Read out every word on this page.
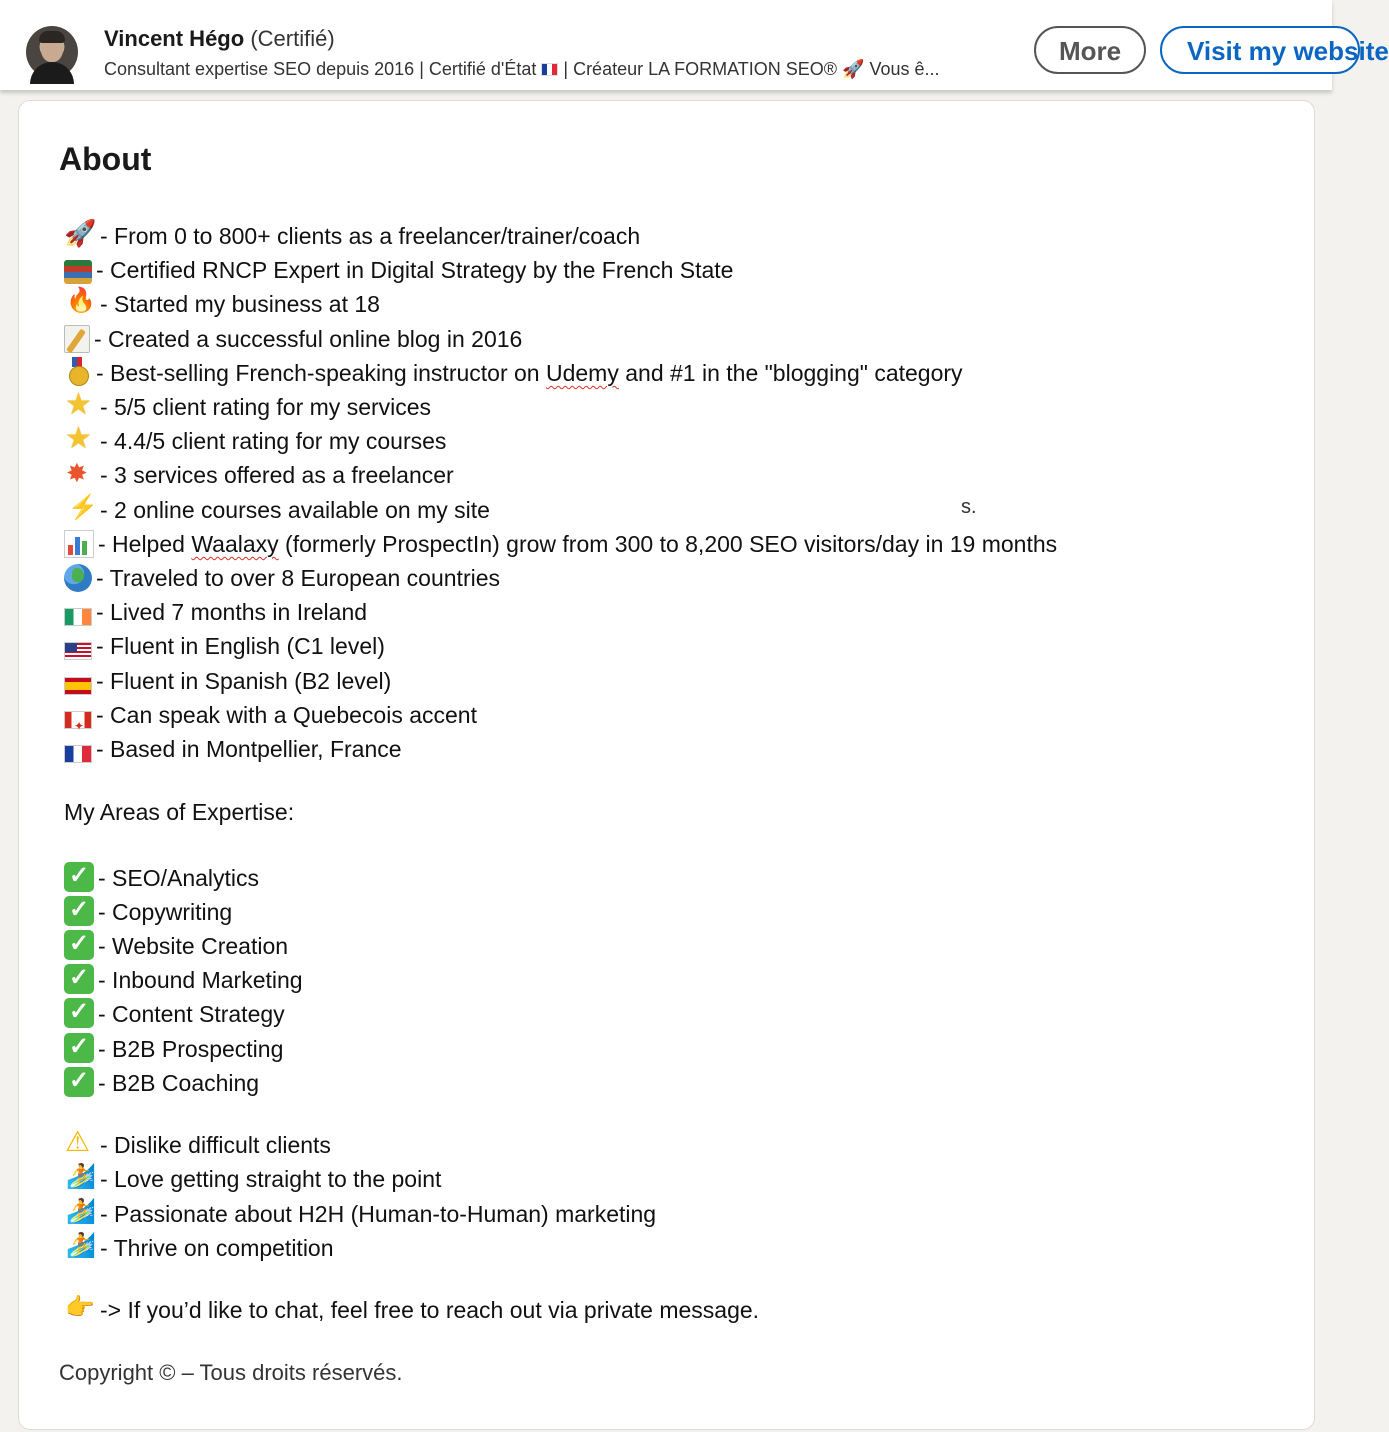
Vincent Hégo (Certifié)
Consultant expertise SEO depuis 2016 | Certifié d'État | Créateur LA FORMATION SEO® 🚀 Vous ê...
More	Visit my website
About
🚀- From 0 to 800+ clients as a freelancer/trainer/coach
- Certified RNCP Expert in Digital Strategy by the French State
🔥- Started my business at 18
- Created a successful online blog in 2016
- Best-selling French-speaking instructor on Udemy and #1 in the "blogging" category
★- 5/5 client rating for my services
★- 4.4/5 client rating for my courses
✸- 3 services offered as a freelancer
⚡- 2 online courses available on my site
- Helped Waalaxy (formerly ProspectIn) grow from 300 to 8,200 SEO visitors/day in 19 months
- Traveled to over 8 European countries
- Lived 7 months in Ireland
- Fluent in English (C1 level)
- Fluent in Spanish (B2 level)
✦- Can speak with a Quebecois accent
- Based in Montpellier, France
s.
My Areas of Expertise:
✓- SEO/Analytics
✓- Copywriting
✓- Website Creation
✓- Inbound Marketing
✓- Content Strategy
✓- B2B Prospecting
✓- B2B Coaching
⚠- Dislike difficult clients
🏄- Love getting straight to the point
🏄- Passionate about H2H (Human-to-Human) marketing
🏄- Thrive on competition
👉-> If you’d like to chat, feel free to reach out via private message.
Copyright © – Tous droits réservés.
